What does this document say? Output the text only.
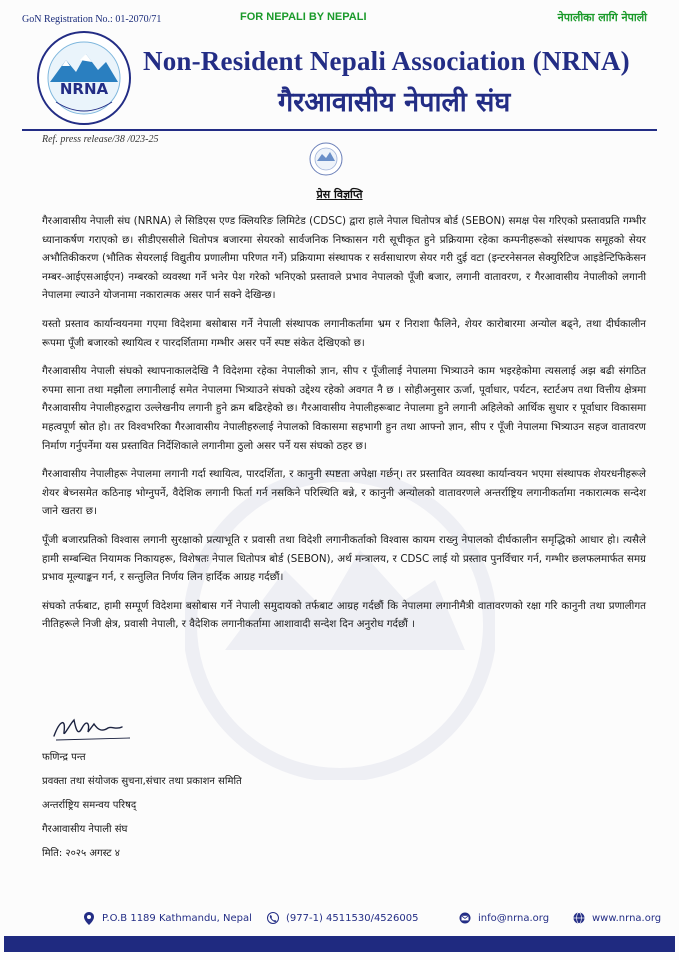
GoN Registration No.: 01-2070/71	FOR NEPALI BY NEPALI	नेपालीका लागि नेपाली
NRNA
Non-Resident Nepali Association (NRNA)
गैरआवासीय नेपाली संघ
Ref. press release/38 /023-25
प्रेस विज्ञप्ति

गैरआवासीय नेपाली संघ (NRNA) ले सिडिएस एण्ड क्लियरिङ लिमिटेड (CDSC) द्वारा हाले नेपाल धितोपत्र बोर्ड (SEBON) समक्ष पेस गरिएको प्रस्तावप्रति गम्भीर ध्यानाकर्षण गराएको छ। सीडीएससीले धितोपत्र बजारमा सेयरको सार्वजनिक निष्कासन गरी सूचीकृत हुने प्रक्रियामा रहेका कम्पनीहरूको संस्थापक समूहको सेयर अभौतिकीकरण (भौतिक सेयरलाई विद्युतीय प्रणालीमा परिणत गर्ने) प्रक्रियामा संस्थापक र सर्वसाधारण सेयर गरी दुई वटा (इन्टरनेसनल सेक्युरिटिज आइडेन्टिफिकेसन नम्बर-आईएसआईएन) नम्बरको व्यवस्था गर्ने भनेर पेश गरेको भनिएको प्रस्तावले प्रभाव नेपालको पूँजी बजार, लगानी वातावरण, र गैरआवासीय नेपालीको लगानी नेपालमा ल्याउने योजनामा नकारात्मक असर पार्न सक्ने देखिन्छ।

यस्तो प्रस्ताव कार्यान्वयनमा गएमा विदेशमा बसोबास गर्ने नेपाली संस्थापक लगानीकर्तामा भ्रम र निराशा फैलिने, शेयर कारोबारमा अन्योल बढ्ने, तथा दीर्घकालीन रूपमा पूँजी बजारको स्थायित्व र पारदर्शितामा गम्भीर असर पर्ने स्पष्ट संकेत देखिएको छ।

गैरआवासीय नेपाली संघको स्थापनाकालदेखि नै विदेशमा रहेका नेपालीको ज्ञान, सीप र पूँजीलाई नेपालमा भित्र्याउने काम भइरहेकोमा त्यसलाई अझ बढी संगठित रुपमा साना तथा मझौला लगानीलाई समेत नेपालमा भित्र्याउने संघको उद्देश्य रहेको अवगत नै छ । सोहीअनुसार ऊर्जा, पूर्वाधार, पर्यटन, स्टार्टअप तथा वित्तीय क्षेत्रमा गैरआवासीय नेपालीहरुद्वारा उल्लेखनीय लगानी हुने क्रम बढिरहेको छ। गैरआवासीय नेपालीहरूबाट नेपालमा हुने लगानी अहिलेको आर्थिक सुधार र पूर्वाधार विकासमा महत्वपूर्ण स्रोत हो। तर विश्वभरिका गैरआवासीय नेपालीहरुलाई नेपालको विकासमा सहभागी हुन तथा आफ्नो ज्ञान, सीप र पूँजी नेपालमा भित्र्याउन सहज वातावरण निर्माण गर्नुपर्नेमा यस प्रस्तावित निर्देशिकाले लगानीमा ठुलो असर पर्ने यस संघको ठहर छ।

गैरआवासीय नेपालीहरू नेपालमा लगानी गर्दा स्थायित्व, पारदर्शिता, र कानुनी स्पष्टता अपेक्षा गर्छन्। तर प्रस्तावित व्यवस्था कार्यान्वयन भएमा संस्थापक शेयरधनीहरूले शेयर बेच्नसमेत कठिनाइ भोग्नुपर्ने, वैदेशिक लगानी फिर्ता गर्न नसकिने परिस्थिति बन्ने, र कानुनी अन्योलको वातावरणले अन्तर्राष्ट्रिय लगानीकर्तामा नकारात्मक सन्देश जाने खतरा छ।

पूँजी बजारप्रतिको विश्वास लगानी सुरक्षाको प्रत्याभूति र प्रवासी तथा विदेशी लगानीकर्ताको विश्वास कायम राख्नु नेपालको दीर्घकालीन समृद्धिको आधार हो। त्यसैले हामी सम्बन्धित नियामक निकायहरू, विशेषतः नेपाल धितोपत्र बोर्ड (SEBON), अर्थ मन्त्रालय, र CDSC लाई यो प्रस्ताव पुनर्विचार गर्न, गम्भीर छलफलमार्फत समग्र प्रभाव मूल्याङ्कन गर्न, र सन्तुलित निर्णय लिन हार्दिक आग्रह गर्दछौं।

संघको तर्फबाट, हामी सम्पूर्ण विदेशमा बसोबास गर्ने नेपाली समुदायको तर्फबाट आग्रह गर्दछौं कि नेपालमा लगानीमैत्री वातावरणको रक्षा गरि कानुनी तथा प्रणालीगत नीतिहरूले निजी क्षेत्र, प्रवासी नेपाली, र वैदेशिक लगानीकर्तामा आशावादी सन्देश दिन अनुरोध गर्दछौं ।

फणिन्द्र पन्त
प्रवक्ता तथा संयोजक सुचना,संचार तथा प्रकाशन समिति
अन्तर्राष्ट्रिय समन्वय परिषद्
गैरआवासीय नेपाली संघ
मिति: २०२५ अगस्ट ४
P.O.B 1189 Kathmandu, Nepal	(977-1) 4511530/4526005	info@nrna.org	www.nrna.org
